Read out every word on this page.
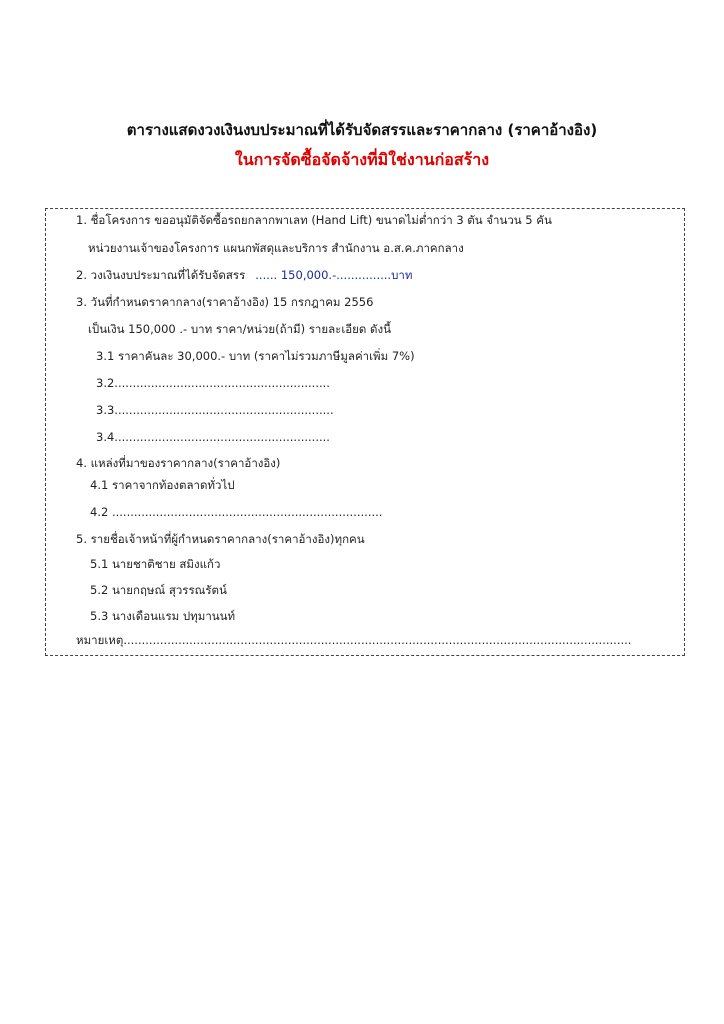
ตารางแสดงวงเงินงบประมาณที่ได้รับจัดสรรและราคากลาง (ราคาอ้างอิง)
ในการจัดซื้อจัดจ้างที่มิใช่งานก่อสร้าง
1. ชื่อโครงการ ขออนุมัติจัดซื้อรถยกลากพาเลท (Hand Lift) ขนาดไม่ต่ำกว่า 3 ตัน จำนวน 5 คัน
หน่วยงานเจ้าของโครงการ แผนกพัสดุและบริการ สำนักงาน อ.ส.ค.ภาคกลาง
2. วงเงินงบประมาณที่ได้รับจัดสรร ...... 150,000.-...............บาท
3. วันที่กำหนดราคากลาง(ราคาอ้างอิง) 15 กรกฎาคม 2556
เป็นเงิน 150,000 .- บาท ราคา/หน่วย(ถ้ามี) รายละเอียด ดังนี้
3.1 ราคาคันละ 30,000.- บาท (ราคาไม่รวมภาษีมูลค่าเพิ่ม 7%)
3.2...........................................................
3.3............................................................
3.4...........................................................
4. แหล่งที่มาของราคากลาง(ราคาอ้างอิง)
4.1 ราคาจากท้องตลาดทั่วไป
4.2 ..........................................................................
5. รายชื่อเจ้าหน้าที่ผู้กำหนดราคากลาง(ราคาอ้างอิง)ทุกคน
5.1 นายชาติชาย สมิงแก้ว
5.2 นายกฤษณ์ สุวรรณรัตน์
5.3 นางเดือนแรม ปทุมานนท์
หมายเหตุ...........................................................................................................................................
